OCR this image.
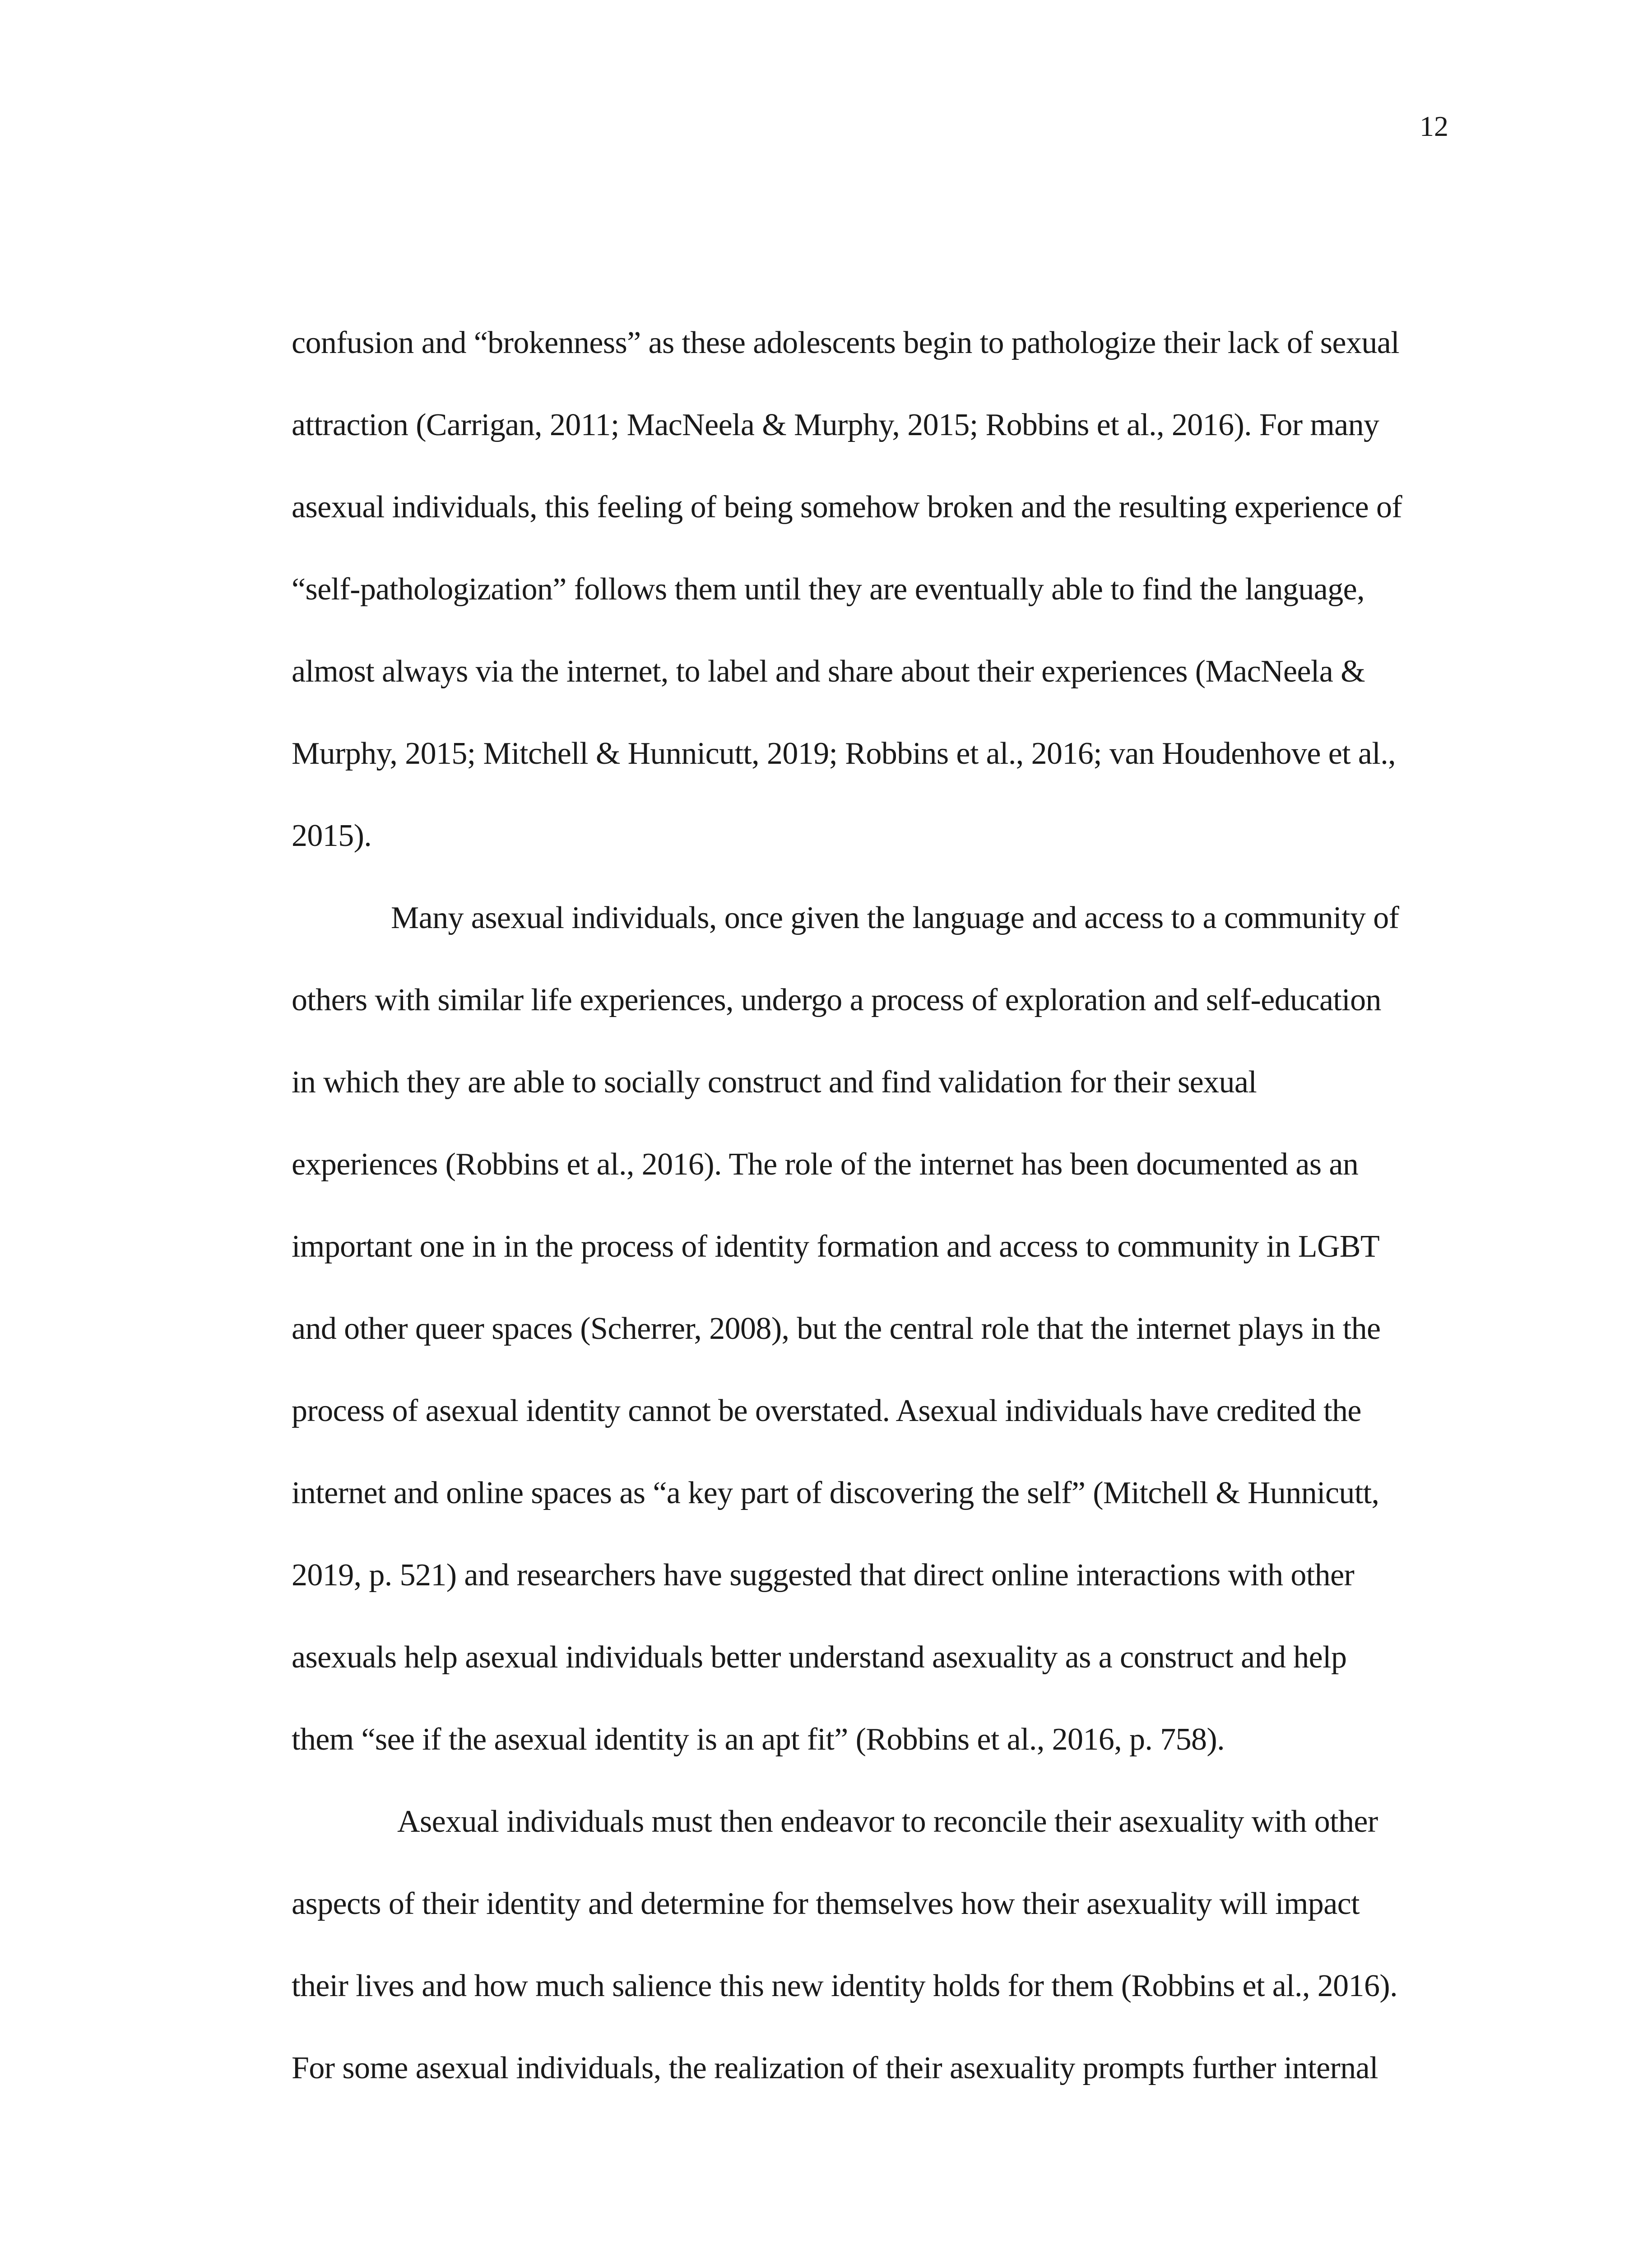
12
confusion and “brokenness” as these adolescents begin to pathologize their lack of sexual
attraction (Carrigan, 2011; MacNeela & Murphy, 2015; Robbins et al., 2016). For many
asexual individuals, this feeling of being somehow broken and the resulting experience of
“self-pathologization” follows them until they are eventually able to find the language,
almost always via the internet, to label and share about their experiences (MacNeela &
Murphy, 2015; Mitchell & Hunnicutt, 2019; Robbins et al., 2016; van Houdenhove et al.,
2015).
Many asexual individuals, once given the language and access to a community of
others with similar life experiences, undergo a process of exploration and self-education
in which they are able to socially construct and find validation for their sexual
experiences (Robbins et al., 2016). The role of the internet has been documented as an
important one in in the process of identity formation and access to community in LGBT
and other queer spaces (Scherrer, 2008), but the central role that the internet plays in the
process of asexual identity cannot be overstated. Asexual individuals have credited the
internet and online spaces as “a key part of discovering the self” (Mitchell & Hunnicutt,
2019, p. 521) and researchers have suggested that direct online interactions with other
asexuals help asexual individuals better understand asexuality as a construct and help
them “see if the asexual identity is an apt fit” (Robbins et al., 2016, p. 758).
Asexual individuals must then endeavor to reconcile their asexuality with other
aspects of their identity and determine for themselves how their asexuality will impact
their lives and how much salience this new identity holds for them (Robbins et al., 2016).
For some asexual individuals, the realization of their asexuality prompts further internal
